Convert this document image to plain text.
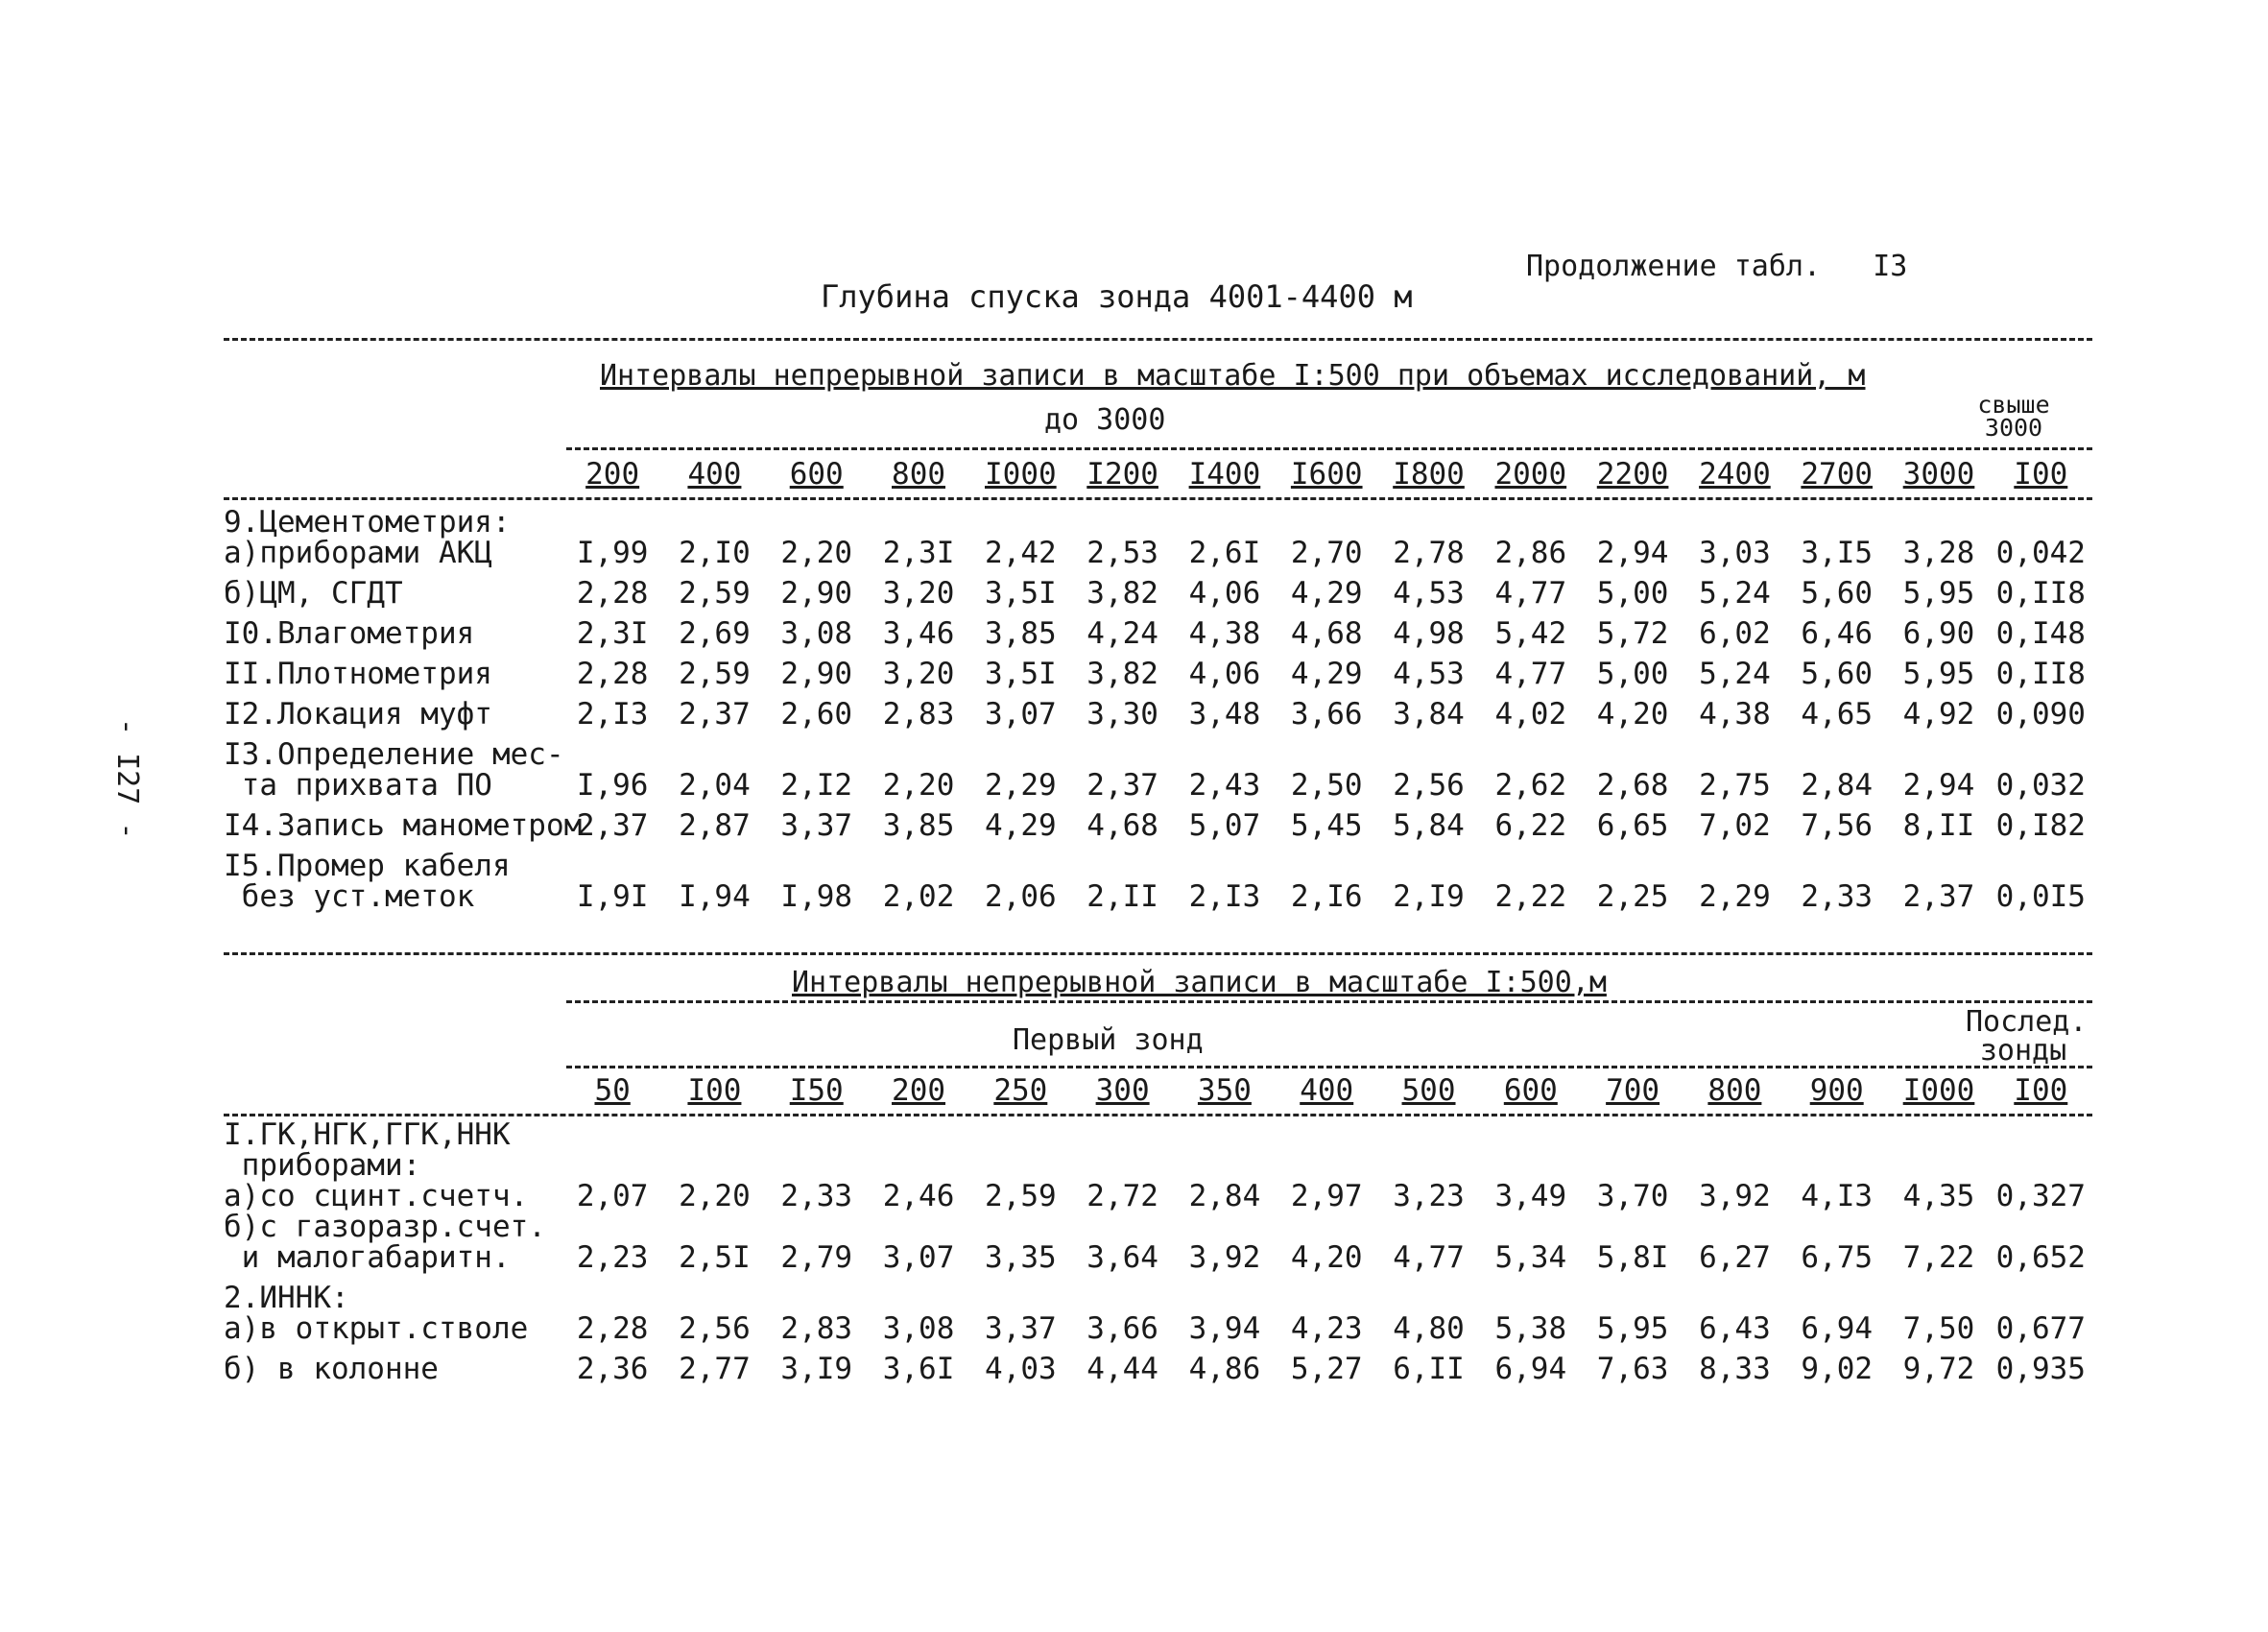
Продолжение табл. I3
Глубина спуска зонда 4001-4400 м
- I27 -
Интервалы непрерывной записи в масштабе I:500 при объемах исследований, м
свыше 3000
до 3000
200	400	600	800	I000	I200	I400	I600	I800	2000	2200	2400	2700	3000	I00
9.Цементометрия:
а)приборами АКЦ	I,99	2,I0	2,20	2,3I	2,42	2,53	2,6I	2,70	2,78	2,86	2,94	3,03	3,I5	3,28 0,042
б)ЦМ, СГДТ	2,28	2,59	2,90	3,20	3,5I	3,82	4,06	4,29	4,53	4,77	5,00	5,24	5,60	5,95 0,II8
I0.Влагометрия	2,3I	2,69	3,08	3,46	3,85	4,24	4,38	4,68	4,98	5,42	5,72	6,02	6,46	6,90 0,I48
II.Плотнометрия	2,28	2,59	2,90	3,20	3,5I	3,82	4,06	4,29	4,53	4,77	5,00	5,24	5,60	5,95 0,II8
I2.Локация муфт	2,I3	2,37	2,60	2,83	3,07	3,30	3,48	3,66	3,84	4,02	4,20	4,38	4,65	4,92 0,090
I3.Определение мес-
та прихвата ПО	I,96	2,04	2,I2	2,20	2,29	2,37	2,43	2,50	2,56	2,62	2,68	2,75	2,84	2,94 0,032
I4.Запись манометром
2,37	2,87	3,37	3,85	4,29	4,68	5,07	5,45	5,84	6,22	6,65	7,02	7,56	8,II 0,I82
I5.Промер кабеля
без уст.меток	I,9I	I,94	I,98	2,02	2,06	2,II	2,I3	2,I6	2,I9	2,22	2,25	2,29	2,33	2,37 0,0I5
Интервалы непрерывной записи в масштабе I:500,м
Первый зонд
Послед. зонды
50	I00	I50	200	250	300	350	400	500	600	700	800	900	I000	I00
I.ГК,НГК,ГГК,ННК
приборами:
а)со сцинт.счетч.	2,07	2,20	2,33	2,46	2,59	2,72	2,84	2,97	3,23	3,49	3,70	3,92	4,I3	4,35 0,327
б)с газоразр.счет.
и малогабаритн.	2,23	2,5I	2,79	3,07	3,35	3,64	3,92	4,20	4,77	5,34	5,8I	6,27	6,75	7,22 0,652
2.ИННК:
а)в открыт.стволе	2,28	2,56	2,83	3,08	3,37	3,66	3,94	4,23	4,80	5,38	5,95	6,43	6,94	7,50 0,677
б) в колонне	2,36	2,77	3,I9	3,6I	4,03	4,44	4,86	5,27	6,II	6,94	7,63	8,33	9,02	9,72 0,935
